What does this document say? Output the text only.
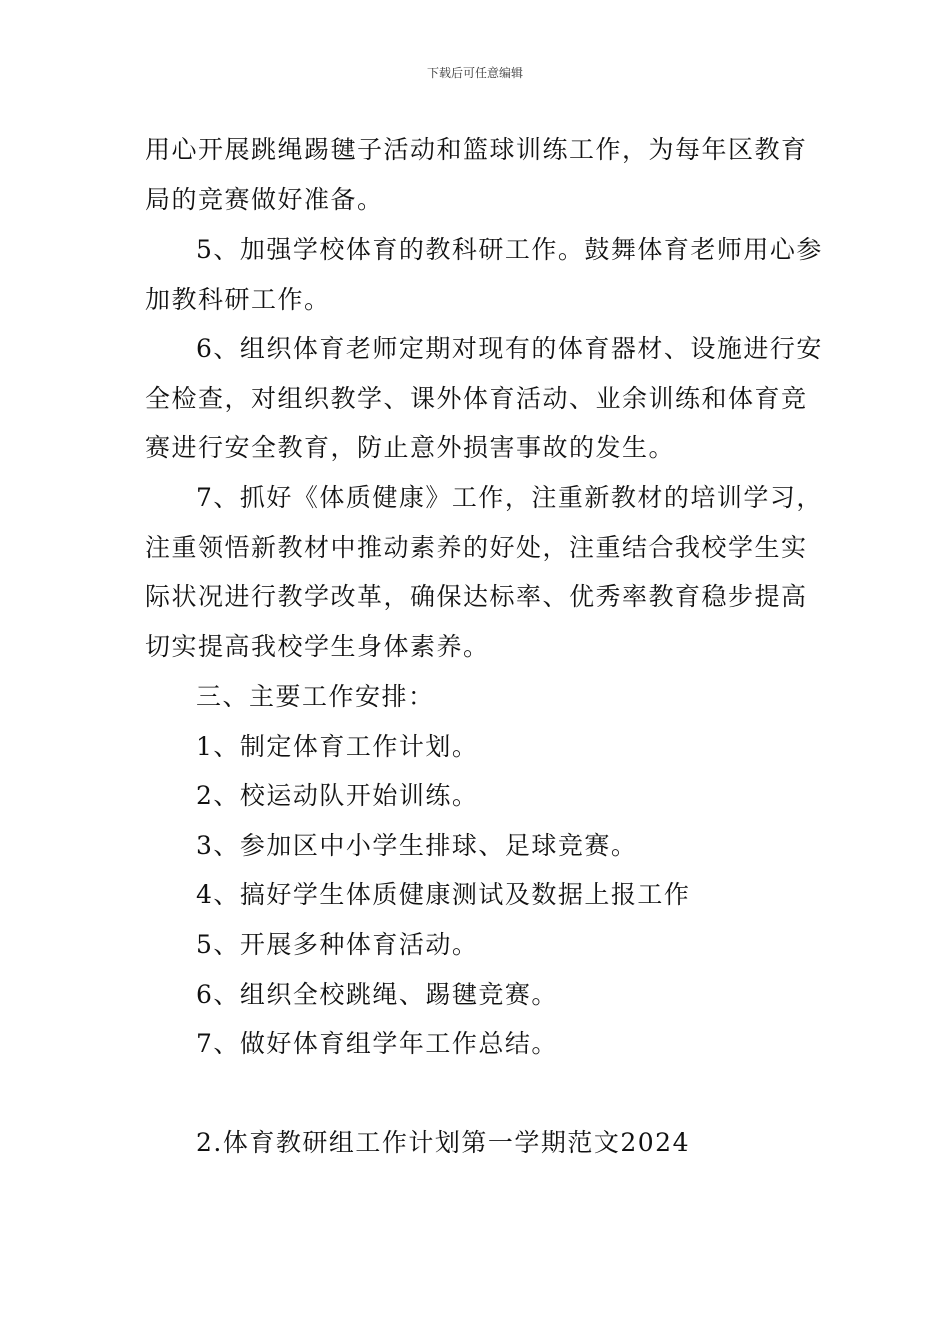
下载后可任意编辑
用心开展跳绳踢毽子活动和篮球训练工作，为每年区教育
局的竞赛做好准备。
5、加强学校体育的教科研工作。鼓舞体育老师用心参
加教科研工作。
6、组织体育老师定期对现有的体育器材、设施进行安
全检查，对组织教学、课外体育活动、业余训练和体育竞
赛进行安全教育，防止意外损害事故的发生。
7、抓好《体质健康》工作，注重新教材的培训学习，
注重领悟新教材中推动素养的好处，注重结合我校学生实
际状况进行教学改革，确保达标率、优秀率教育稳步提高
切实提高我校学生身体素养。
三、主要工作安排：
1、制定体育工作计划。
2、校运动队开始训练。
3、参加区中小学生排球、足球竞赛。
4、搞好学生体质健康测试及数据上报工作
5、开展多种体育活动。
6、组织全校跳绳、踢毽竞赛。
7、做好体育组学年工作总结。
2.体育教研组工作计划第一学期范文2024
